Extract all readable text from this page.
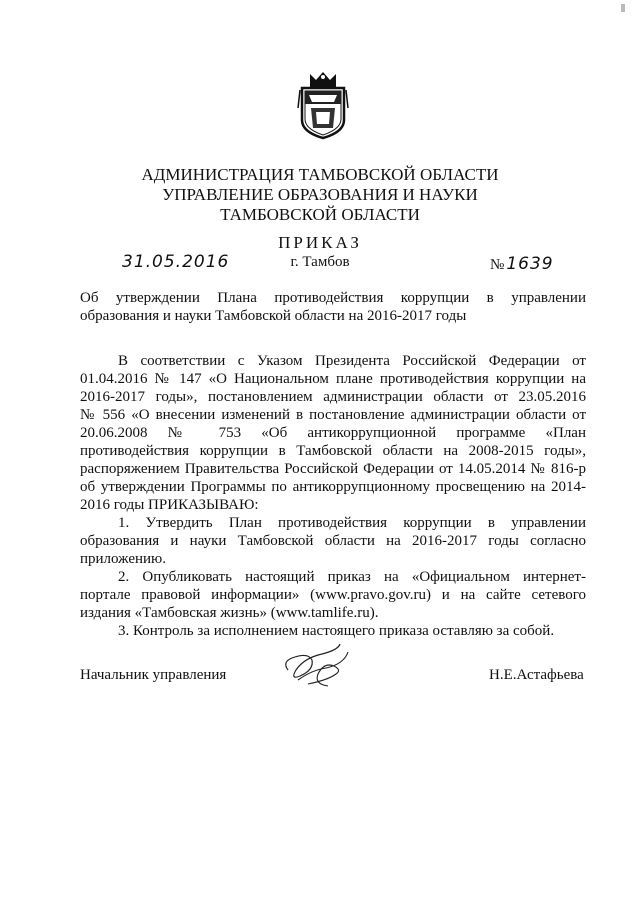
АДМИНИСТРАЦИЯ ТАМБОВСКОЙ ОБЛАСТИ
УПРАВЛЕНИЕ ОБРАЗОВАНИЯ И НАУКИ
ТАМБОВСКОЙ ОБЛАСТИ
ПРИКАЗ
г. Тамбов
31.05.2016	№ 1639
Об утверждении Плана противодействия коррупции в управлении
образования и науки Тамбовской области на 2016-2017 годы
В соответствии с Указом Президента Российской Федерации от
01.04.2016 № 147 «О Национальном плане противодействия коррупции на
2016-2017 годы», постановлением администрации области от 23.05.2016
№ 556 «О внесении изменений в постановление администрации области от
20.06.2008 № 753 «Об антикоррупционной программе «План
противодействия коррупции в Тамбовской области на 2008-2015 годы»,
распоряжением Правительства Российской Федерации от 14.05.2014 № 816-р
об утверждении Программы по антикоррупционному просвещению на 2014-
2016 годы ПРИКАЗЫВАЮ:
1. Утвердить План противодействия коррупции в управлении
образования и науки Тамбовской области на 2016-2017 годы согласно
приложению.
2. Опубликовать настоящий приказ на «Официальном интернет-
портале правовой информации» (www.pravo.gov.ru) и на сайте сетевого
издания «Тамбовская жизнь» (www.tamlife.ru).
3. Контроль за исполнением настоящего приказа оставляю за собой.
Начальник управления	Н.Е.Астафьева
